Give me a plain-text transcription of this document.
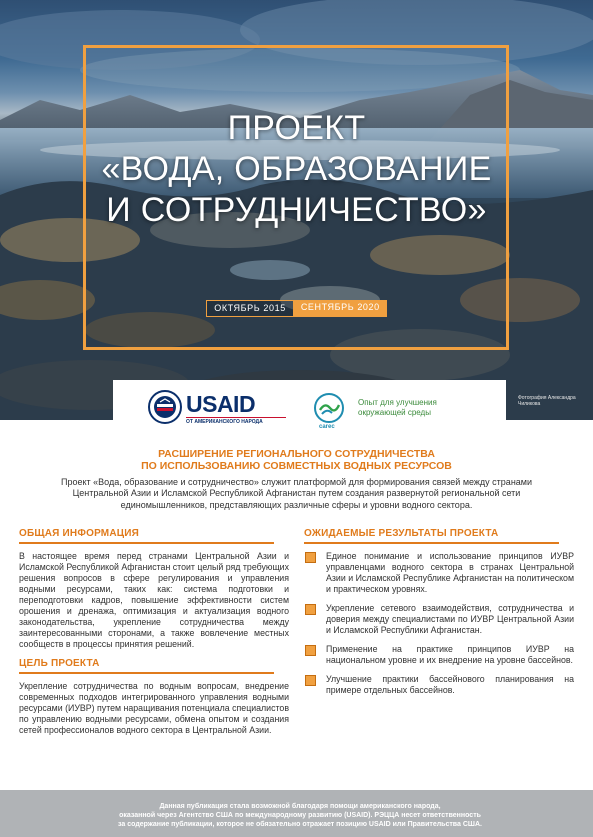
ПРОЕКТ
«ВОДА, ОБРАЗОВАНИЕ
И СОТРУДНИЧЕСТВО»
ОКТЯБРЬ 2015 СЕНТЯБРЬ 2020
Фотография Александра Чиликова
USAID
ОТ АМЕРИКАНСКОГО НАРОДА
carec
Опыт для улучшения окружающей среды
РАСШИРЕНИЕ РЕГИОНАЛЬНОГО СОТРУДНИЧЕСТВА
ПО ИСПОЛЬЗОВАНИЮ СОВМЕСТНЫХ ВОДНЫХ РЕСУРСОВ
Проект «Вода, образование и сотрудничество» служит платформой для формирования связей между странами Центральной Азии и Исламской Республикой Афганистан путем создания развернутой региональной сети единомышленников, представляющих различные сферы и уровни водного сектора.
ОБЩАЯ ИНФОРМАЦИЯ
В настоящее время перед странами Центральной Азии и Исламской Республикой Афганистан стоит целый ряд требующих решения вопросов в сфере регулирования и управления водными ресурсами, таких как: система подготовки и переподготовки кадров, повышение эффективности систем орошения и дренажа, оптимизация и актуализация водного законодательства, укрепление сотрудничества между заинтересованными сторонами, а также вовлечение местных сообществ в процессы принятия решений.
ЦЕЛЬ ПРОЕКТА
Укрепление сотрудничества по водным вопросам, внедрение современных подходов интегрированного управления водными ресурсами (ИУВР) путем наращивания потенциала специалистов по управлению водными ресурсами, обмена опытом и создания сетей профессионалов водного сектора в Центральной Азии.
ОЖИДАЕМЫЕ РЕЗУЛЬТАТЫ ПРОЕКТА
Единое понимание и использование принципов ИУВР управленцами водного сектора в странах Центральной Азии и Исламской Республике Афганистан на политическом и практическом уровнях.
Укрепление сетевого взаимодействия, сотрудничества и доверия между специалистами по ИУВР Центральной Азии и Исламской Республики Афганистан.
Применение на практике принципов ИУВР на национальном уровне и их внедрение на уровне бассейнов.
Улучшение практики бассейнового планирования на примере отдельных бассейнов.
Данная публикация стала возможной благодаря помощи американского народа,
оказанной через Агентство США по международному развитию (USAID). РЭЦЦА несет ответственность
за содержание публикации, которое не обязательно отражает позицию USAID или Правительства США.
